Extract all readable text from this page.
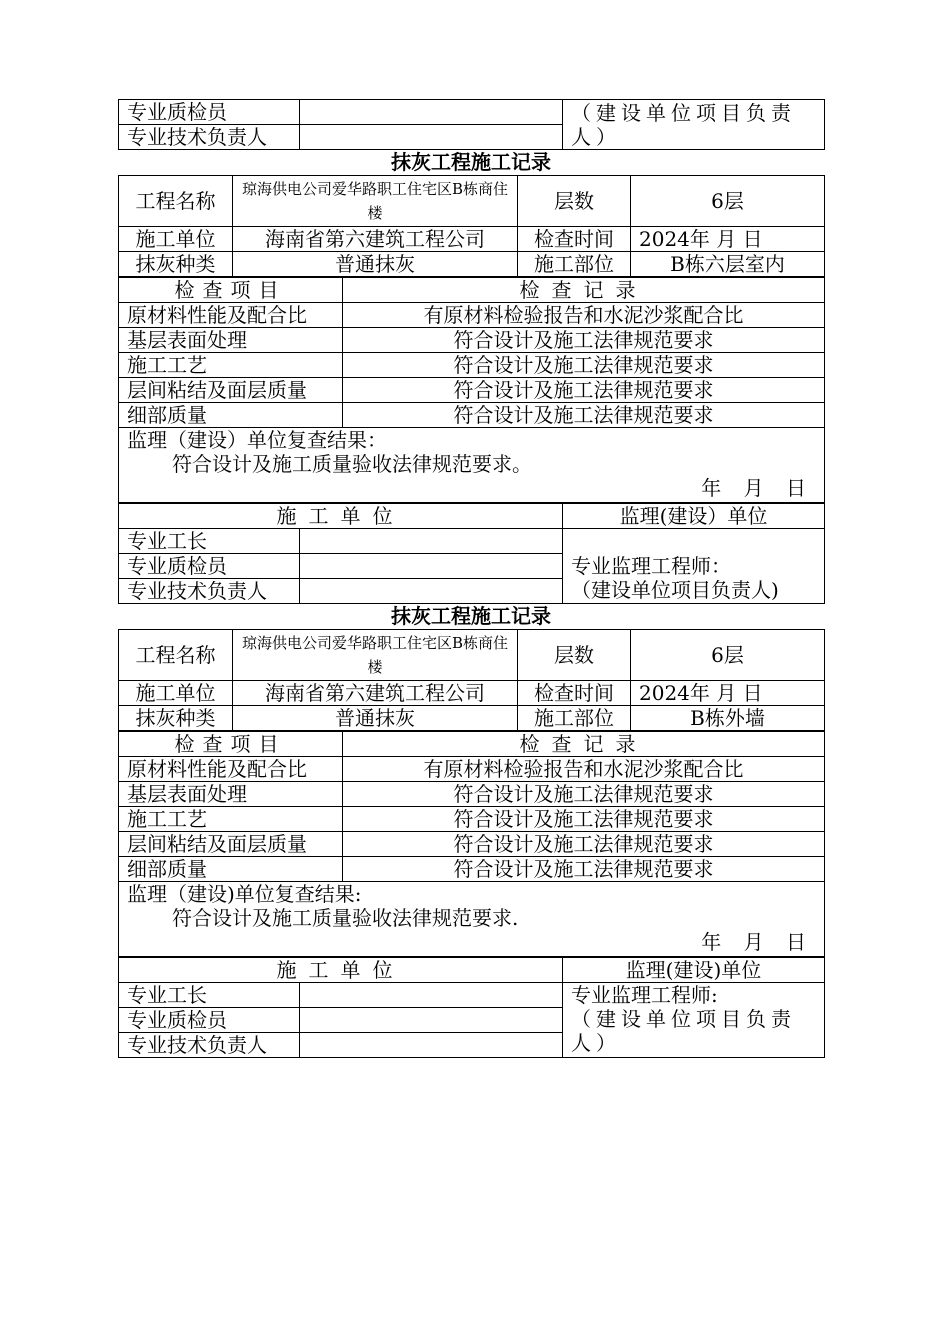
专业质检员		（建设单位项目负责人）
专业技术负责人		
抹灰工程施工记录
工程名称	琼海供电公司爱华路职工住宅区B栋商住楼	层数	6层
施工单位	海南省第六建筑工程公司	检查时间	2024年 月 日
抹灰种类	普通抹灰	施工部位	B栋六层室内
检查项目	检查记录
原材料性能及配合比	有原材料检验报告和水泥沙浆配合比
基层表面处理	符合设计及施工法律规范要求
施工工艺	符合设计及施工法律规范要求
层间粘结及面层质量	符合设计及施工法律规范要求
细部质量	符合设计及施工法律规范要求

监理（建设）单位复查结果：
符合设计及施工质量验收法律规范要求。
年 月 日	
施工单位		监理(建设）单位
专业工长		专业监理工程师：
（建设单位项目负责人)

专业质检员		
专业技术负责人		
抹灰工程施工记录
工程名称	琼海供电公司爱华路职工住宅区B栋商住楼	层数	6层
施工单位	海南省第六建筑工程公司	检查时间	2024年 月 日
抹灰种类	普通抹灰	施工部位	B栋外墙
检查项目	检查记录
原材料性能及配合比	有原材料检验报告和水泥沙浆配合比
基层表面处理	符合设计及施工法律规范要求
施工工艺	符合设计及施工法律规范要求
层间粘结及面层质量	符合设计及施工法律规范要求
细部质量	符合设计及施工法律规范要求

监理（建设)单位复查结果:
符合设计及施工质量验收法律规范要求.
年 月 日	
施工单位		监理(建设)单位
专业工长		专业监理工程师:
（建设单位项目负责人）

专业质检员		
专业技术负责人		
